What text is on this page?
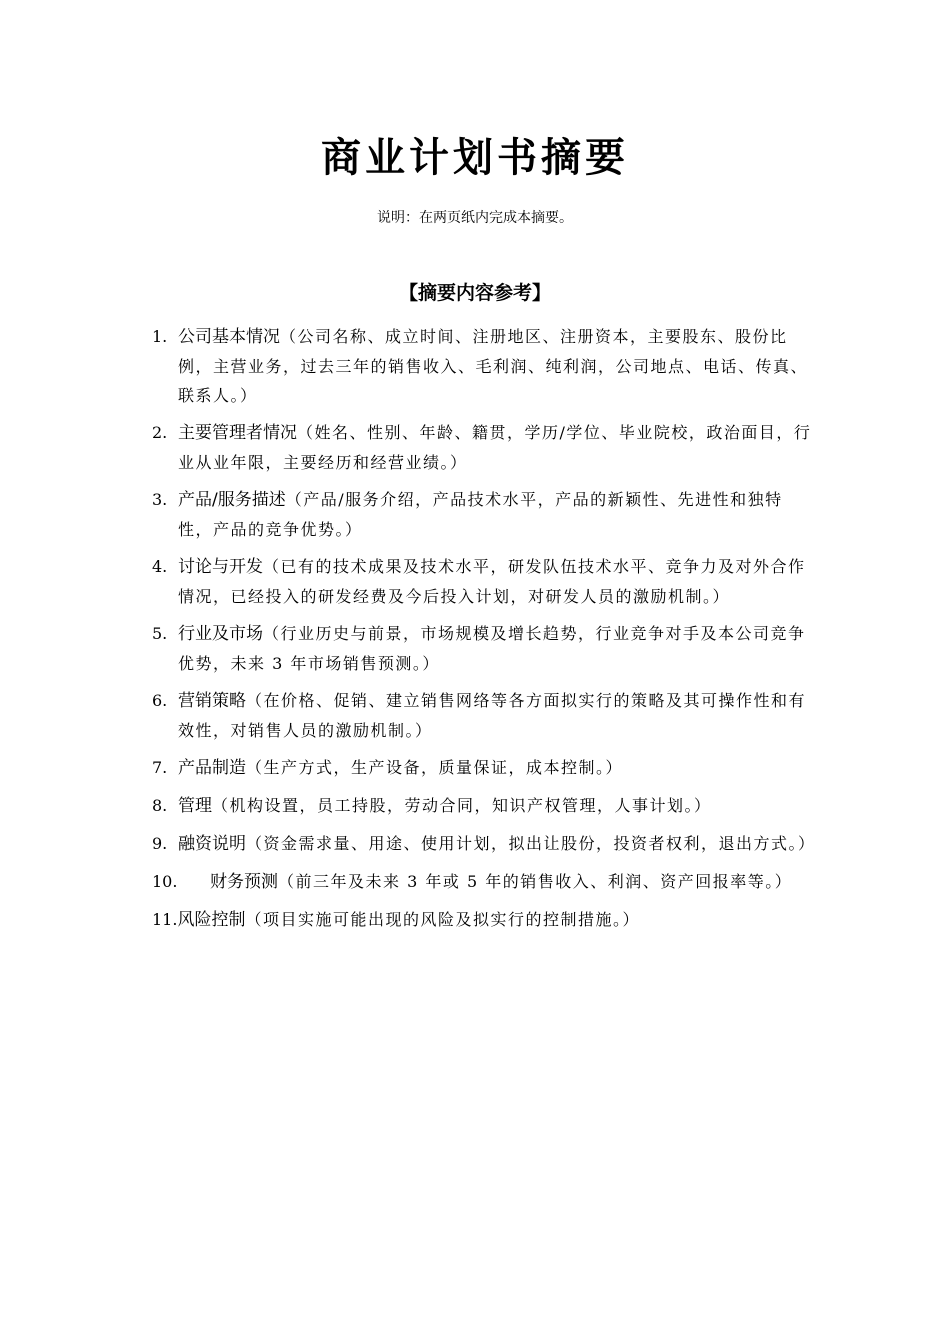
商业计划书摘要

说明：在两页纸内完成本摘要。

【摘要内容参考】
1. 公司基本情况（公司名称、成立时间、注册地区、注册资本，主要股东、股份比例，主营业务，过去三年的销售收入、毛利润、纯利润，公司地点、电话、传真、联系人。）
2. 主要管理者情况（姓名、性别、年龄、籍贯，学历/学位、毕业院校，政治面目，行业从业年限，主要经历和经营业绩。）
3. 产品/服务描述（产品/服务介绍，产品技术水平，产品的新颖性、先进性和独特性，产品的竞争优势。）
4. 讨论与开发（已有的技术成果及技术水平，研发队伍技术水平、竞争力及对外合作情况，已经投入的研发经费及今后投入计划，对研发人员的激励机制。）
5. 行业及市场（行业历史与前景，市场规模及增长趋势，行业竞争对手及本公司竞争优势，未来 3 年市场销售预测。）
6. 营销策略（在价格、促销、建立销售网络等各方面拟实行的策略及其可操作性和有效性，对销售人员的激励机制。）
7. 产品制造（生产方式，生产设备，质量保证，成本控制。）
8. 管理（机构设置，员工持股，劳动合同，知识产权管理，人事计划。）
9. 融资说明（资金需求量、用途、使用计划，拟出让股份，投资者权利，退出方式。）
10. 财务预测（前三年及未来 3 年或 5 年的销售收入、利润、资产回报率等。）
11.风险控制（项目实施可能出现的风险及拟实行的控制措施。）
